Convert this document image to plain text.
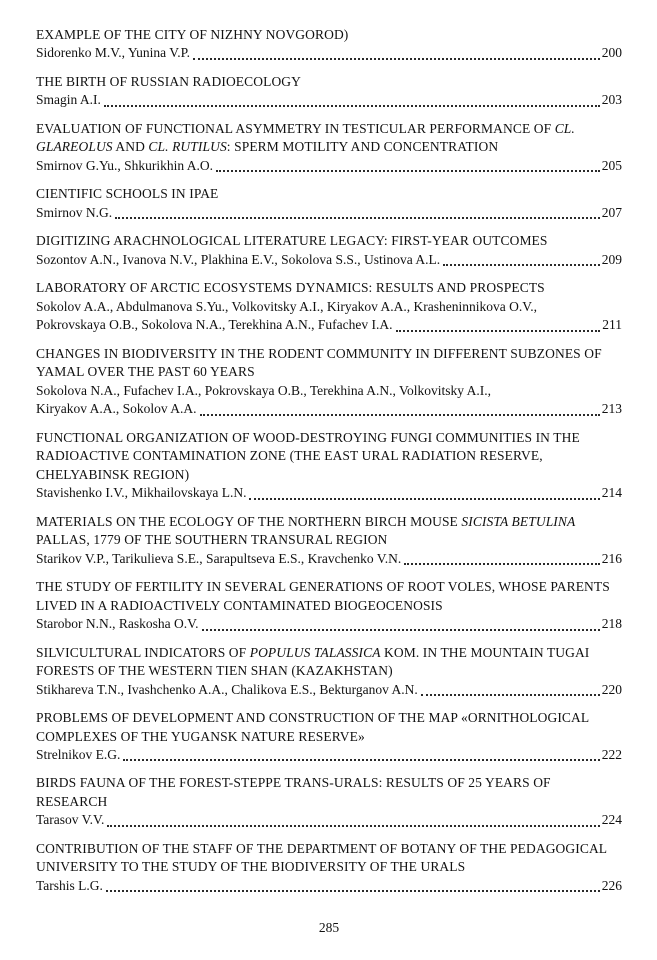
EXAMPLE OF THE CITY OF NIZHNY NOVGOROD)
Sidorenko M.V., Yunina V.P.	200
THE BIRTH OF RUSSIAN RADIOECOLOGY
Smagin A.I.	203
EVALUATION OF FUNCTIONAL ASYMMETRY IN TESTICULAR PERFORMANCE OF CL. GLAREOLUS AND CL. RUTILUS: SPERM MOTILITY AND CONCENTRATION
Smirnov G.Yu., Shkurikhin A.O.	205
CIENTIFIC SCHOOLS IN IPAE
Smirnov N.G.	207
DIGITIZING ARACHNOLOGICAL LITERATURE LEGACY: FIRST-YEAR OUTCOMES
Sozontov A.N., Ivanova N.V., Plakhina E.V., Sokolova S.S., Ustinova A.L.	209
LABORATORY OF ARCTIC ECOSYSTEMS DYNAMICS: RESULTS AND PROSPECTS
Sokolov A.A., Abdulmanova S.Yu., Volkovitsky A.I., Kiryakov A.A., Krasheninnikova O.V.,
Pokrovskaya O.B., Sokolova N.A., Terekhina A.N., Fufachev I.A.	211
CHANGES IN BIODIVERSITY IN THE RODENT COMMUNITY IN DIFFERENT SUBZONES OF YAMAL OVER THE PAST 60 YEARS
Sokolova N.A., Fufachev I.A., Pokrovskaya O.B., Terekhina A.N., Volkovitsky A.I.,
Kiryakov A.A., Sokolov A.A.	213
FUNCTIONAL ORGANIZATION OF WOOD-DESTROYING FUNGI COMMUNITIES IN THE RADIOACTIVE CONTAMINATION ZONE (THE EAST URAL RADIATION RESERVE, CHELYABINSK REGION)
Stavishenko I.V., Mikhailovskaya L.N.	214
MATERIALS ON THE ECOLOGY OF THE NORTHERN BIRCH MOUSE SICISTA BETULINA PALLAS, 1779 OF THE SOUTHERN TRANSURAL REGION
Starikov V.P., Tarikulieva S.E., Sarapultseva E.S., Kravchenko V.N.	216
THE STUDY OF FERTILITY IN SEVERAL GENERATIONS OF ROOT VOLES, WHOSE PARENTS LIVED IN A RADIOACTIVELY CONTAMINATED BIOGEOCENOSIS
Starobor N.N., Raskosha O.V.	218
SILVICULTURAL INDICATORS OF POPULUS TALASSICA KOM. IN THE MOUNTAIN TUGAI FORESTS OF THE WESTERN TIEN SHAN (KAZAKHSTAN)
Stikhareva T.N., Ivashchenko A.A., Chalikova E.S., Bekturganov A.N.	220
PROBLEMS OF DEVELOPMENT AND CONSTRUCTION OF THE MAP «ORNITHOLOGICAL COMPLEXES OF THE YUGANSK NATURE RESERVE»
Strelnikov E.G.	222
BIRDS FAUNA OF THE FOREST-STEPPE TRANS-URALS: RESULTS OF 25 YEARS OF RESEARCH
Tarasov V.V.	224
CONTRIBUTION OF THE STAFF OF THE DEPARTMENT OF BOTANY OF THE PEDAGOGICAL UNIVERSITY TO THE STUDY OF THE BIODIVERSITY OF THE URALS
Tarshis L.G.	226
285
